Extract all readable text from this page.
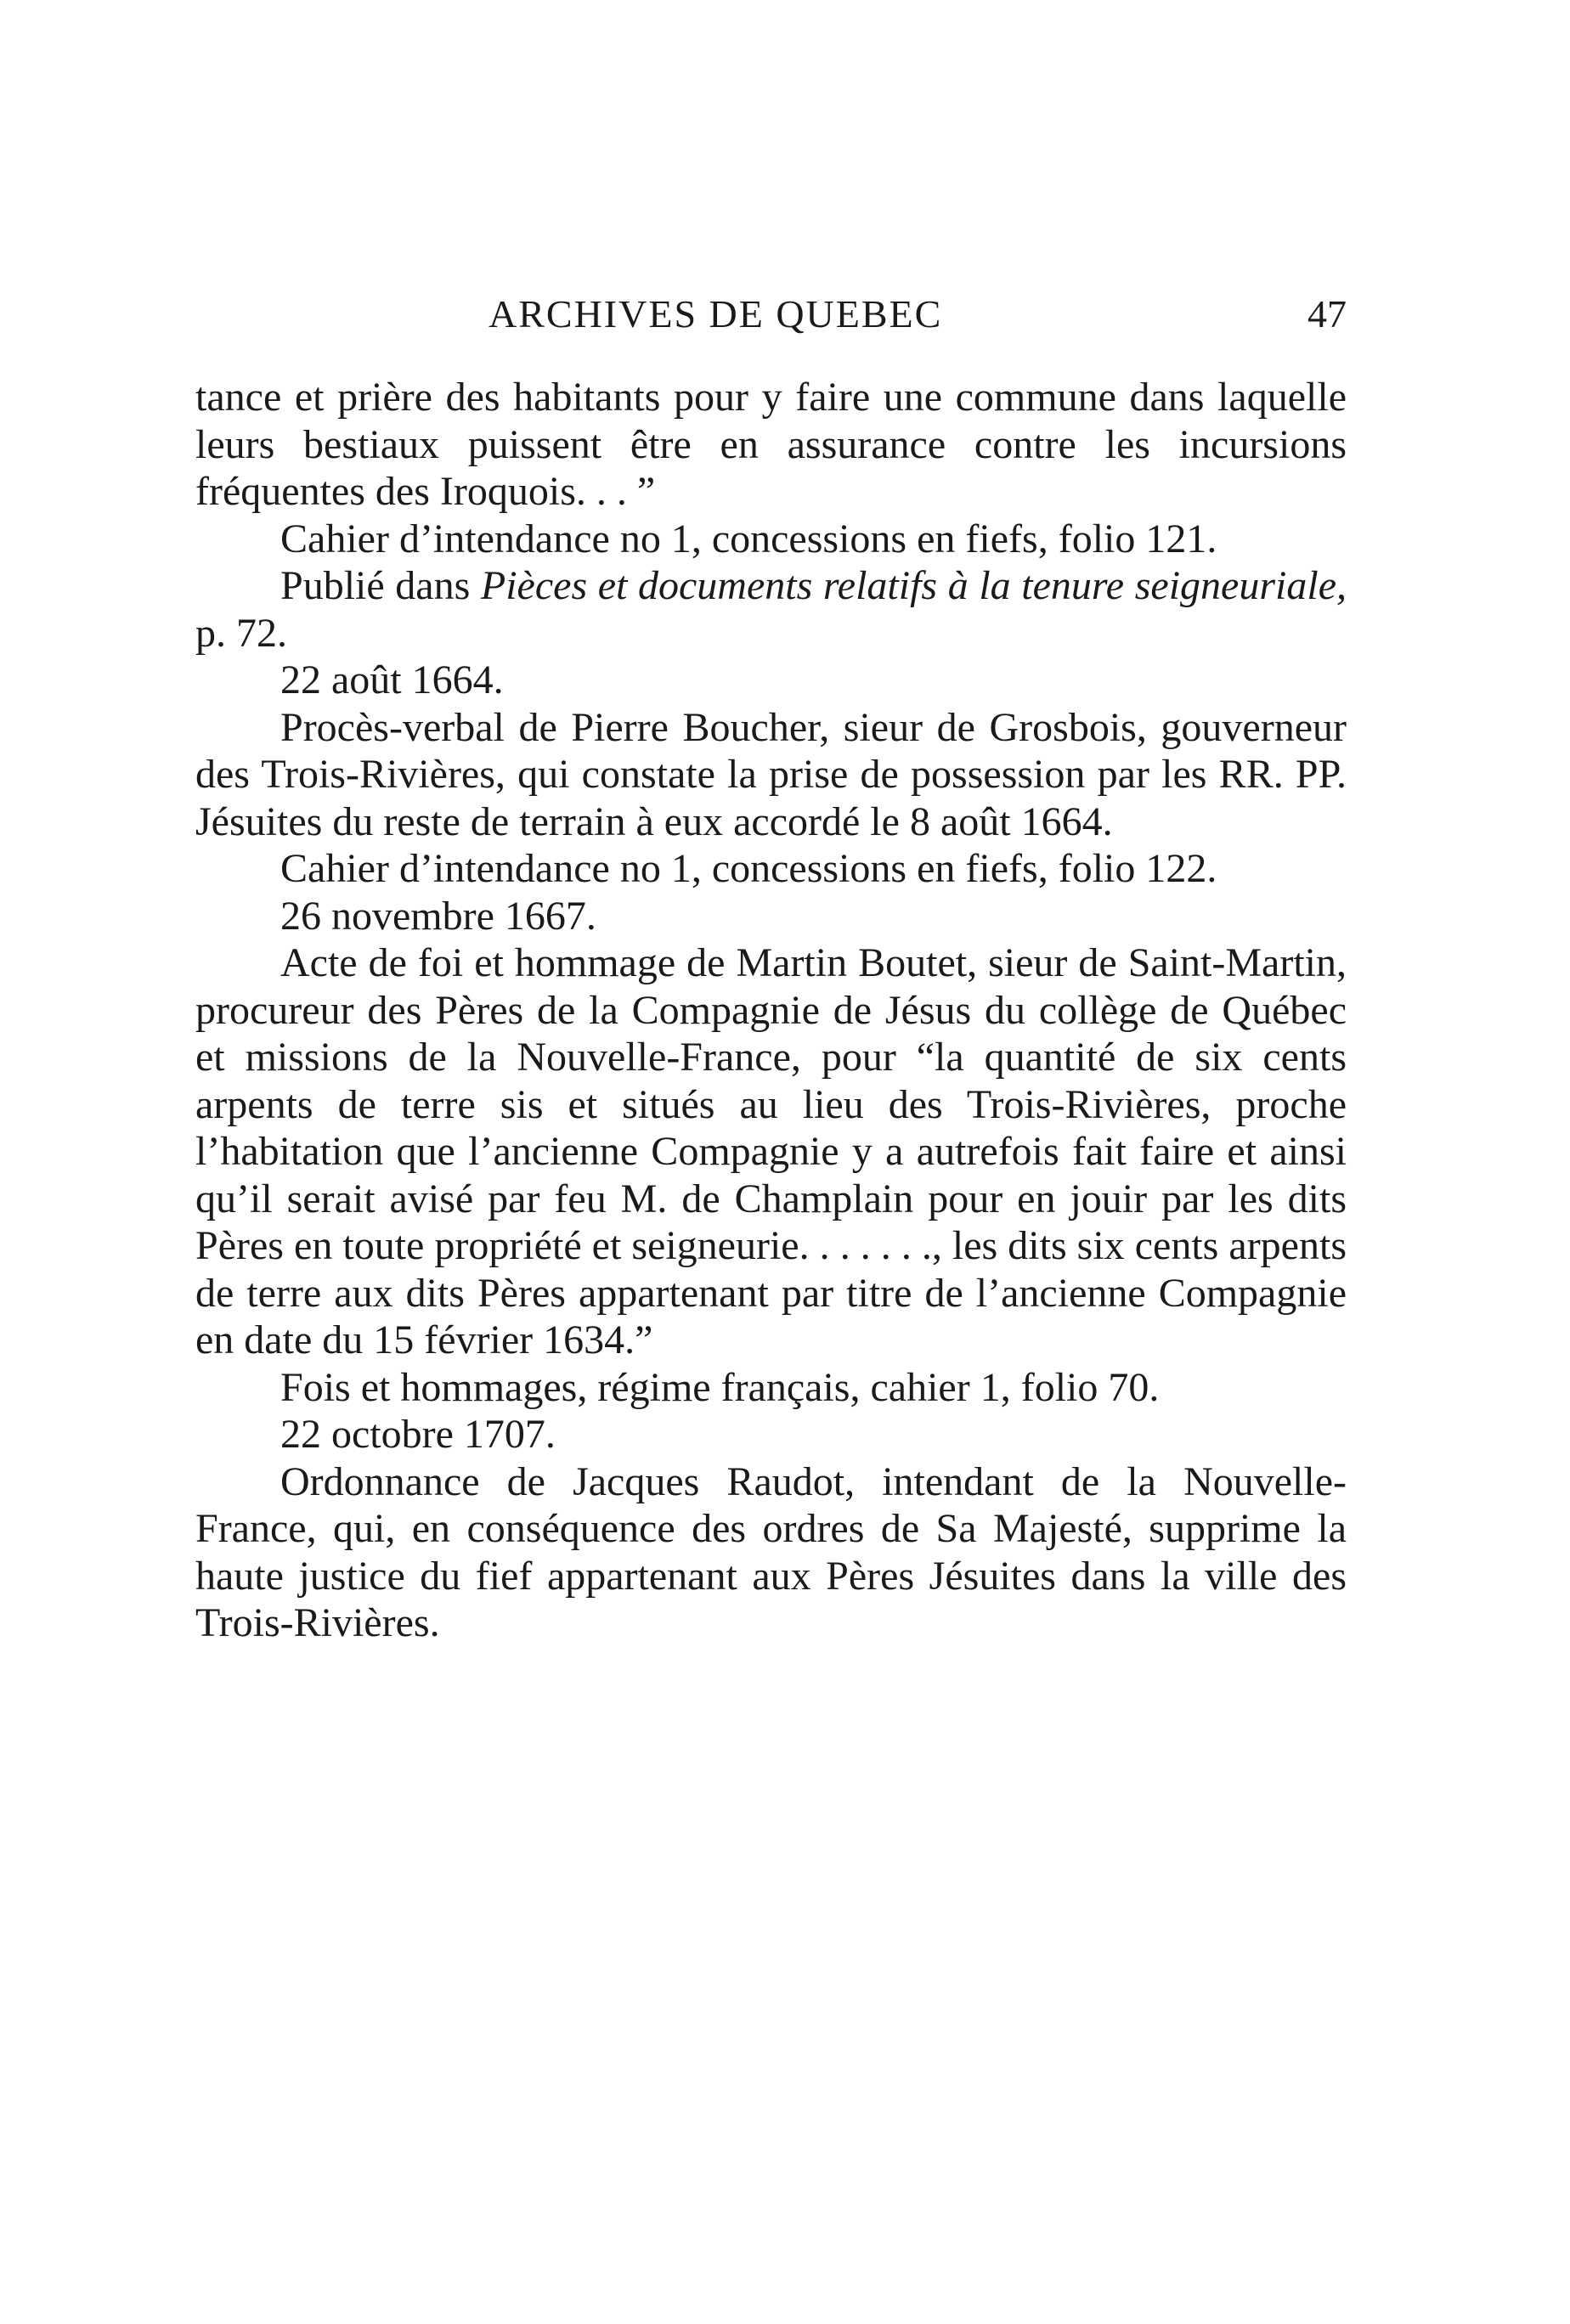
ARCHIVES DE QUEBEC	47

tance et prière des habitants pour y faire une commune dans laquelle leurs bestiaux puissent être en assurance contre les incursions fréquentes des Iroquois. . . ”

Cahier d’intendance no 1, concessions en fiefs, folio 121.

Publié dans Pièces et documents relatifs à la tenure seigneuriale, p. 72.

22 août 1664.

Procès-verbal de Pierre Boucher, sieur de Grosbois, gouverneur des Trois-Rivières, qui constate la prise de possession par les RR. PP. Jésuites du reste de terrain à eux accordé le 8 août 1664.

Cahier d’intendance no 1, concessions en fiefs, folio 122.

26 novembre 1667.

Acte de foi et hommage de Martin Boutet, sieur de Saint-Martin, procureur des Pères de la Compagnie de Jésus du collège de Québec et missions de la Nouvelle-France, pour “la quantité de six cents arpents de terre sis et situés au lieu des Trois-Rivières, proche l’habitation que l’ancienne Compagnie y a autrefois fait faire et ainsi qu’il serait avisé par feu M. de Champlain pour en jouir par les dits Pères en toute propriété et seigneurie. . . . . . ., les dits six cents arpents de terre aux dits Pères appartenant par titre de l’ancienne Compagnie en date du 15 février 1634.”

Fois et hommages, régime français, cahier 1, folio 70.

22 octobre 1707.

Ordonnance de Jacques Raudot, intendant de la Nouvelle-France, qui, en conséquence des ordres de Sa Majesté, supprime la haute justice du fief appartenant aux Pères Jésuites dans la ville des Trois-Rivières.
